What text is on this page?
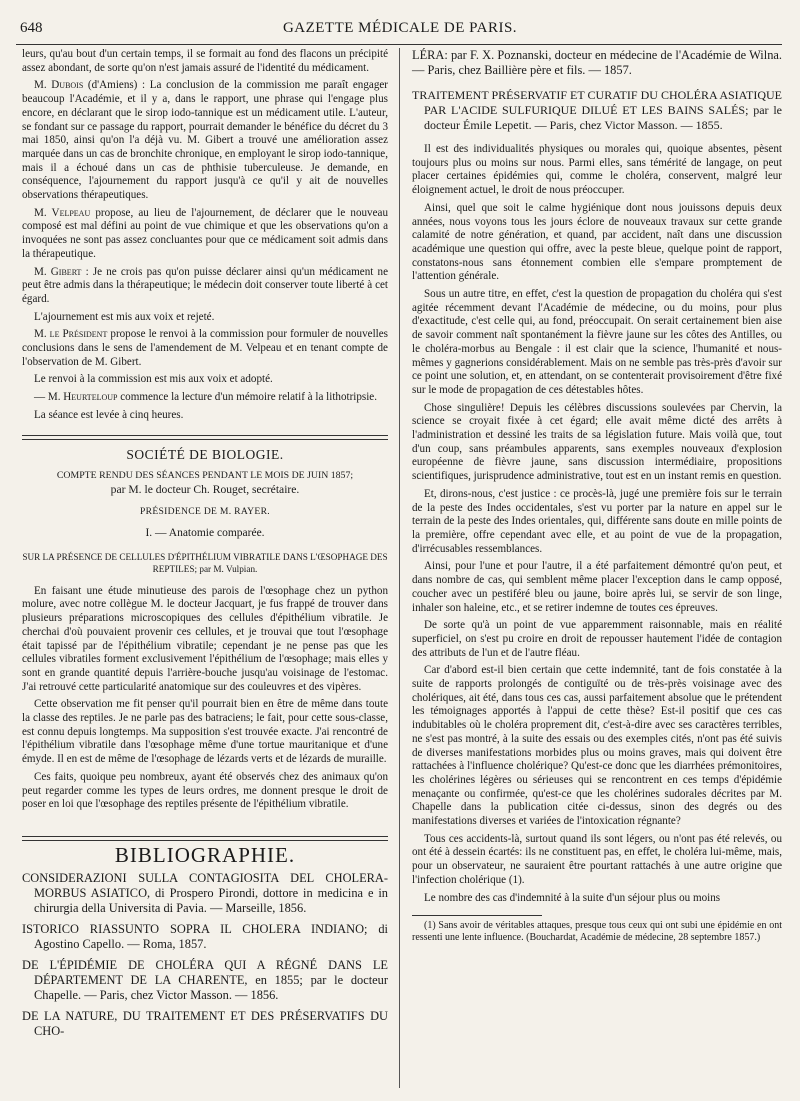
648	GAZETTE MÉDICALE DE PARIS.

leurs, qu'au bout d'un certain temps, il se formait au fond des flacons un précipité assez abondant, de sorte qu'on n'est jamais assuré de l'identité du médicament.

M. Dubois (d'Amiens) : La conclusion de la commission me paraît engager beaucoup l'Académie, et il y a, dans le rapport, une phrase qui l'engage plus encore, en déclarant que le sirop iodo-tannique est un médicament utile. L'auteur, se fondant sur ce passage du rapport, pourrait demander le bénéfice du décret du 3 mai 1850, ainsi qu'on l'a déjà vu. M. Gibert a trouvé une amélioration assez marquée dans un cas de bronchite chronique, en employant le sirop iodo-tannique, mais il a échoué dans un cas de phthisie tuberculeuse. Je demande, en conséquence, l'ajournement du rapport jusqu'à ce qu'il y ait de nouvelles observations thérapeutiques.

M. Velpeau propose, au lieu de l'ajournement, de déclarer que le nouveau composé est mal défini au point de vue chimique et que les observations qu'on a invoquées ne sont pas assez concluantes pour que ce médicament soit admis dans la thérapeutique.

M. Gibert : Je ne crois pas qu'on puisse déclarer ainsi qu'un médicament ne peut être admis dans la thérapeutique; le médecin doit conserver toute liberté à cet égard.

L'ajournement est mis aux voix et rejeté.

M. le Président propose le renvoi à la commission pour formuler de nouvelles conclusions dans le sens de l'amendement de M. Velpeau et en tenant compte de l'observation de M. Gibert.

Le renvoi à la commission est mis aux voix et adopté.

— M. Heurteloup commence la lecture d'un mémoire relatif à la lithotripsie.

La séance est levée à cinq heures.

SOCIÉTÉ DE BIOLOGIE.
COMPTE RENDU DES SÉANCES PENDANT LE MOIS DE JUIN 1857;
par M. le docteur Ch. Rouget, secrétaire.
PRÉSIDENCE DE M. RAYER.
I. — Anatomie comparée.
SUR LA PRÉSENCE DE CELLULES D'ÉPITHÉLIUM VIBRATILE DANS L'ŒSOPHAGE DES REPTILES; par M. Vulpian.

En faisant une étude minutieuse des parois de l'œsophage chez un python molure, avec notre collègue M. le docteur Jacquart, je fus frappé de trouver dans plusieurs préparations microscopiques des cellules d'épithélium vibratile. Je cherchai d'où pouvaient provenir ces cellules, et je trouvai que tout l'œsophage était tapissé par de l'épithélium vibratile; cependant je ne pense pas que les cellules vibratiles forment exclusivement l'épithélium de l'œsophage; mais elles y sont en grande quantité depuis l'arrière-bouche jusqu'au voisinage de l'estomac. J'ai retrouvé cette particularité anatomique sur des couleuvres et des vipères.

Cette observation me fit penser qu'il pourrait bien en être de même dans toute la classe des reptiles. Je ne parle pas des batraciens; le fait, pour cette sous-classe, est connu depuis longtemps. Ma supposition s'est trouvée exacte. J'ai rencontré de l'épithélium vibratile dans l'œsophage même d'une tortue mauritanique et d'une émyde. Il en est de même de l'œsophage de lézards verts et de lézards de muraille.

Ces faits, quoique peu nombreux, ayant été observés chez des animaux qu'on peut regarder comme les types de leurs ordres, me donnent presque le droit de poser en loi que l'œsophage des reptiles présente de l'épithélium vibratile.

BIBLIOGRAPHIE.
CONSIDERAZIONI SULLA CONTAGIOSITA DEL CHOLERA-MORBUS ASIATICO, di Prospero Pirondi, dottore in medicina e in chirurgia della Universita di Pavia. — Marseille, 1856.
ISTORICO RIASSUNTO SOPRA IL CHOLERA INDIANO; di Agostino Capello. — Roma, 1857.
DE L'ÉPIDÉMIE DE CHOLÉRA QUI A RÉGNÉ DANS LE DÉPARTEMENT DE LA CHARENTE, en 1855; par le docteur Chapelle. — Paris, chez Victor Masson. — 1856.
DE LA NATURE, DU TRAITEMENT ET DES PRÉSERVATIFS DU CHO-
LÉRA: par F. X. Poznanski, docteur en médecine de l'Académie de Wilna. — Paris, chez Baillière père et fils. — 1857.
TRAITEMENT PRÉSERVATIF ET CURATIF DU CHOLÉRA ASIATIQUE PAR L'ACIDE SULFURIQUE DILUÉ ET LES BAINS SALÉS; par le docteur Émile Lepetit. — Paris, chez Victor Masson. — 1855.

Il est des individualités physiques ou morales qui, quoique absentes, pèsent toujours plus ou moins sur nous. Parmi elles, sans témérité de langage, on peut placer certaines épidémies qui, comme le choléra, conservent, malgré leur éloignement actuel, le droit de nous préoccuper.

Ainsi, quel que soit le calme hygiénique dont nous jouissons depuis deux années, nous voyons tous les jours éclore de nouveaux travaux sur cette grande calamité de notre génération, et quand, par accident, naît dans une discussion académique une question qui offre, avec la peste bleue, quelque point de rapport, constatons-nous sans étonnement combien elle s'empare promptement de l'attention générale.

Sous un autre titre, en effet, c'est la question de propagation du choléra qui s'est agitée récemment devant l'Académie de médecine, ou du moins, pour plus d'exactitude, c'est celle qui, au fond, préoccupait. On serait certainement bien aise de savoir comment naît spontanément la fièvre jaune sur les côtes des Antilles, ou le choléra-morbus au Bengale : il est clair que la science, l'humanité et nous-mêmes y gagnerions considérablement. Mais on ne semble pas très-près d'avoir sur ce point une solution, et, en attendant, on se contenterait provisoirement d'être fixé sur le mode de propagation de ces détestables hôtes.

Chose singulière! Depuis les célèbres discussions soulevées par Chervin, la science se croyait fixée à cet égard; elle avait même dicté des arrêts à l'administration et dessiné les traits de sa législation future. Mais voilà que, tout d'un coup, sans préambules apparents, sans exemples nouveaux d'explosion européenne de fièvre jaune, sans discussion intermédiaire, propositions scientifiques, jurisprudence administrative, tout est en un instant remis en question.

Et, dirons-nous, c'est justice : ce procès-là, jugé une première fois sur le terrain de la peste des Indes occidentales, s'est vu porter par la nature en appel sur le terrain de la peste des Indes orientales, qui, différente sans doute en mille points de la première, offre cependant avec elle, et au point de vue de la propagation, d'irrécusables ressemblances.

Ainsi, pour l'une et pour l'autre, il a été parfaitement démontré qu'on peut, et dans nombre de cas, qui semblent même placer l'exception dans le camp opposé, coucher avec un pestiféré bleu ou jaune, boire après lui, se servir de son linge, inhaler son haleine, etc., et se retirer indemne de toutes ces épreuves.

De sorte qu'à un point de vue apparemment raisonnable, mais en réalité superficiel, on s'est pu croire en droit de repousser hautement l'idée de contagion des attributs de l'un et de l'autre fléau.

Car d'abord est-il bien certain que cette indemnité, tant de fois constatée à la suite de rapports prolongés de contiguïté ou de très-près voisinage avec des cholériques, ait été, dans tous ces cas, aussi parfaitement absolue que le prétendent les témoignages apportés à l'appui de cette thèse? Est-il positif que ces cas indubitables où le choléra proprement dit, c'est-à-dire avec ses caractères terribles, ne s'est pas montré, à la suite des essais ou des exemples cités, n'ont pas été suivis de diverses manifestations morbides plus ou moins graves, mais qui doivent être rattachées à l'influence cholérique? Qu'est-ce donc que les diarrhées prémonitoires, les cholérines légères ou sérieuses qui se rencontrent en ces temps d'épidémie menaçante ou confirmée, qu'est-ce que les cholérines sudorales décrites par M. Chapelle dans la publication citée ci-dessus, sinon des degrés ou des manifestations diverses et variées de l'intoxication régnante?

Tous ces accidents-là, surtout quand ils sont légers, ou n'ont pas été relevés, ou ont été à dessein écartés: ils ne constituent pas, en effet, le choléra lui-même, mais, pour un observateur, ne sauraient être pourtant rattachés à une autre origine que l'infection cholérique (1).

Le nombre des cas d'indemnité à la suite d'un séjour plus ou moins

(1) Sans avoir de véritables attaques, presque tous ceux qui ont subi une épidémie en ont ressenti une lente influence. (Bouchardat, Académie de médecine, 28 septembre 1857.)
